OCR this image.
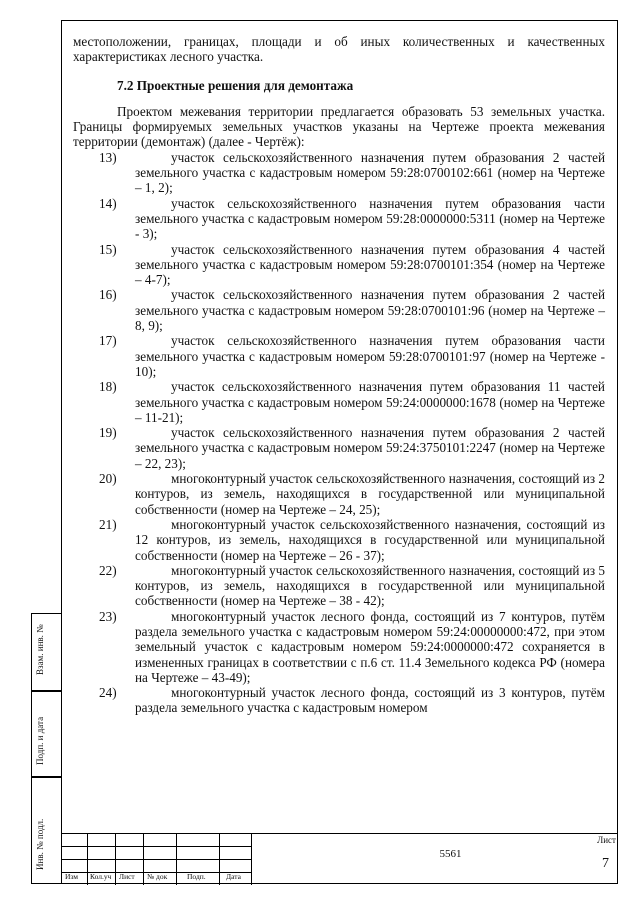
Взам. инв. №
Подп. и дата
Инв. № подл.

местоположении, границах, площади и об иных количественных и качественных характеристиках лесного участка.

7.2 Проектные решения для демонтажа

Проектом межевания территории предлагается образовать 53 земельных участка. Границы формируемых земельных участков указаны на Чертеже проекта межевания территории (демонтаж) (далее - Чертёж):

13)	участок сельскохозяйственного назначения путем образования 2 частей земельного участка с кадастровым номером 59:28:0700102:661 (номер на Чертеже – 1, 2);
14)	участок сельскохозяйственного назначения путем образования части земельного участка с кадастровым номером 59:28:0000000:5311 (номер на Чертеже - 3);
15)	участок сельскохозяйственного назначения путем образования 4 частей земельного участка с кадастровым номером 59:28:0700101:354 (номер на Чертеже – 4-7);
16)	участок сельскохозяйственного назначения путем образования 2 частей земельного участка с кадастровым номером 59:28:0700101:96 (номер на Чертеже – 8, 9);
17)	участок сельскохозяйственного назначения путем образования части земельного участка с кадастровым номером 59:28:0700101:97 (номер на Чертеже - 10);
18)	участок сельскохозяйственного назначения путем образования 11 частей земельного участка с кадастровым номером 59:24:0000000:1678 (номер на Чертеже – 11-21);
19)	участок сельскохозяйственного назначения путем образования 2 частей земельного участка с кадастровым номером 59:24:3750101:2247 (номер на Чертеже – 22, 23);
20)	многоконтурный участок сельскохозяйственного назначения, состоящий из 2 контуров, из земель, находящихся в государственной или муниципальной собственности (номер на Чертеже – 24, 25);
21)	многоконтурный участок сельскохозяйственного назначения, состоящий из 12 контуров, из земель, находящихся в государственной или муниципальной собственности (номер на Чертеже – 26 - 37);
22)	многоконтурный участок сельскохозяйственного назначения, состоящий из 5 контуров, из земель, находящихся в государственной или муниципальной собственности (номер на Чертеже – 38 - 42);
23)	многоконтурный участок лесного фонда, состоящий из 7 контуров, путём раздела земельного участка с кадастровым номером 59:24:00000000:472, при этом земельный участок с кадастровым номером 59:24:0000000:472 сохраняется в измененных границах в соответствии с п.6 ст. 11.4 Земельного кодекса РФ (номера на Чертеже – 43-49);
24)	многоконтурный участок лесного фонда, состоящий из 3 контуров, путём раздела земельного участка с кадастровым номером
Изм Кол.уч Лист № док	Подп.	Дата
5561
Лист
7
